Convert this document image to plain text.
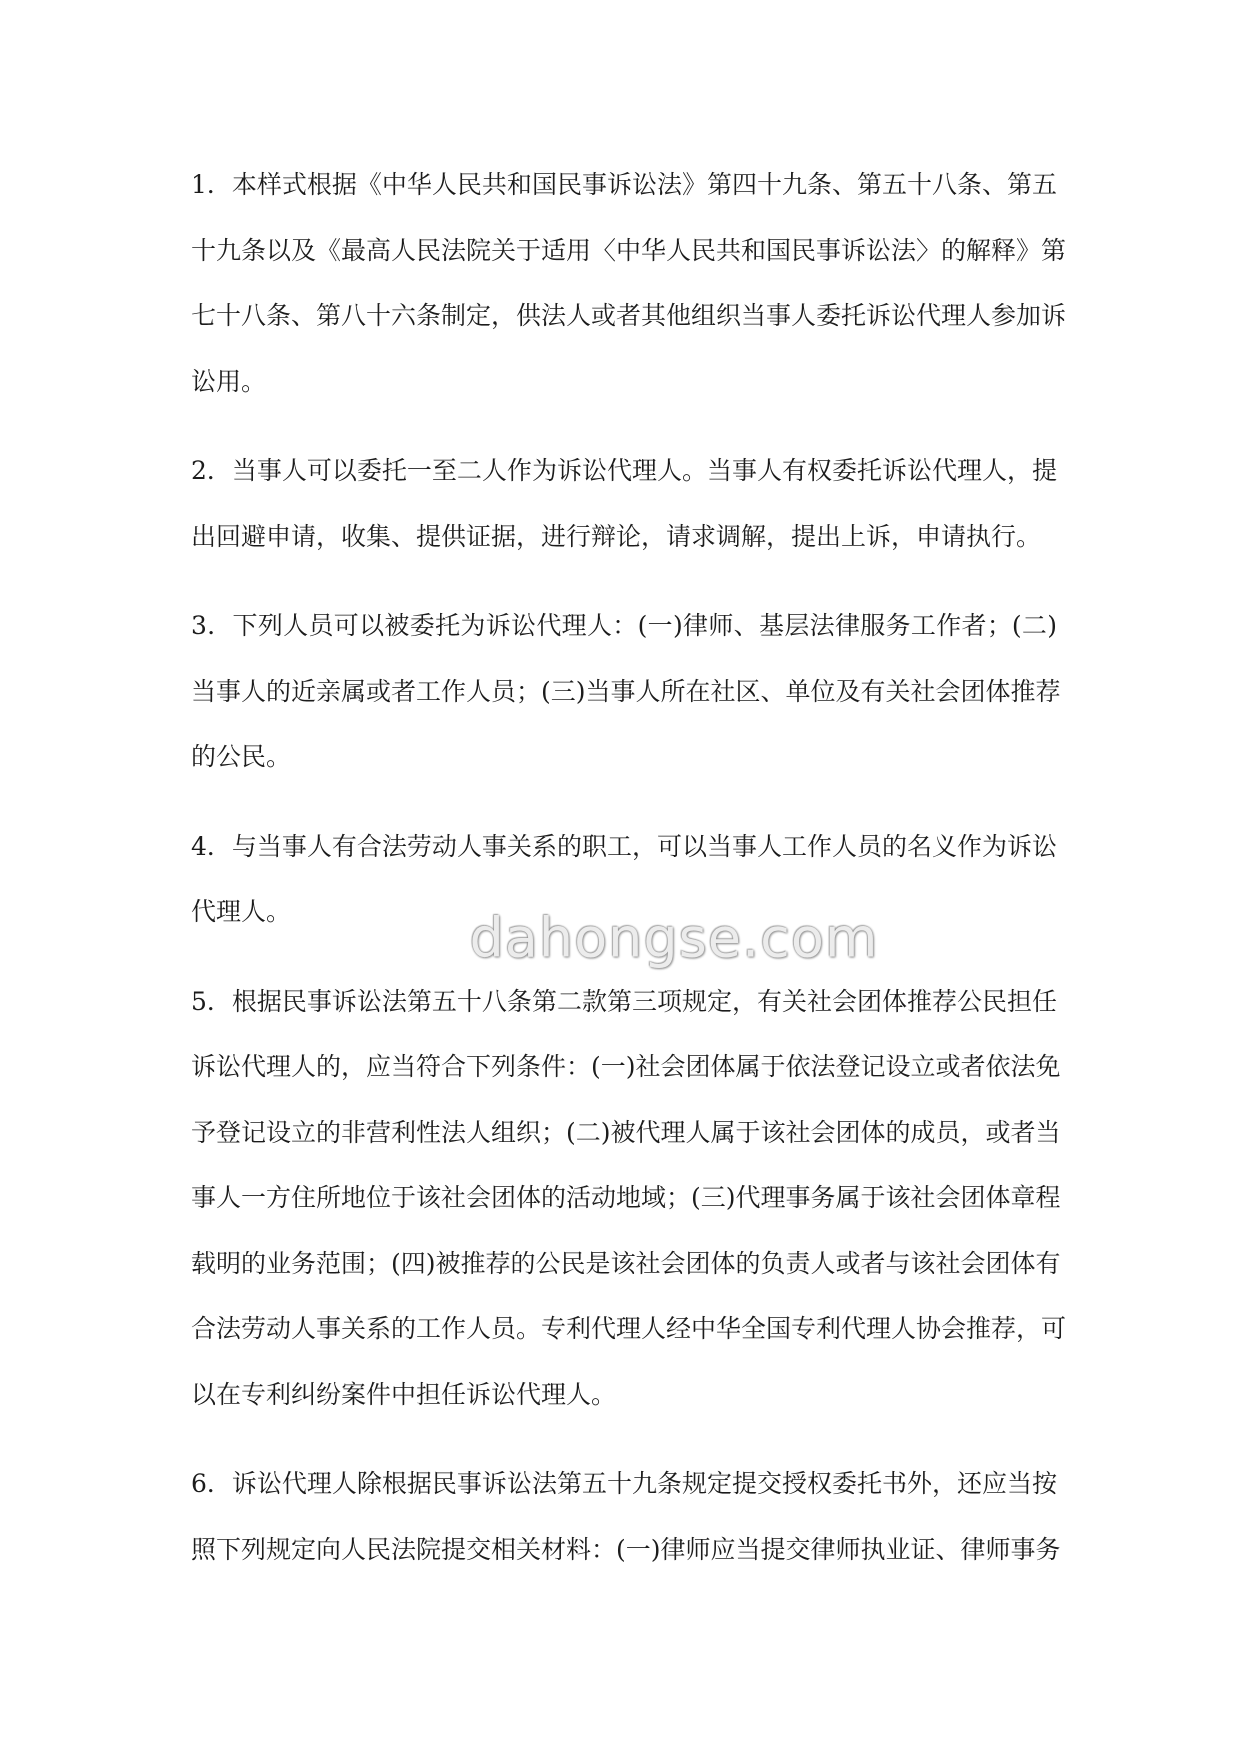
1．本样式根据《中华人民共和国民事诉讼法》第四十九条、第五十八条、第五
十九条以及《最高人民法院关于适用〈中华人民共和国民事诉讼法〉的解释》第
七十八条、第八十六条制定，供法人或者其他组织当事人委托诉讼代理人参加诉
讼用。
2．当事人可以委托一至二人作为诉讼代理人。当事人有权委托诉讼代理人，提
出回避申请，收集、提供证据，进行辩论，请求调解，提出上诉，申请执行。
3．下列人员可以被委托为诉讼代理人：(一)律师、基层法律服务工作者；(二)
当事人的近亲属或者工作人员；(三)当事人所在社区、单位及有关社会团体推荐
的公民。
4．与当事人有合法劳动人事关系的职工，可以当事人工作人员的名义作为诉讼
代理人。
5．根据民事诉讼法第五十八条第二款第三项规定，有关社会团体推荐公民担任
诉讼代理人的，应当符合下列条件：(一)社会团体属于依法登记设立或者依法免
予登记设立的非营利性法人组织；(二)被代理人属于该社会团体的成员，或者当
事人一方住所地位于该社会团体的活动地域；(三)代理事务属于该社会团体章程
载明的业务范围；(四)被推荐的公民是该社会团体的负责人或者与该社会团体有
合法劳动人事关系的工作人员。专利代理人经中华全国专利代理人协会推荐，可
以在专利纠纷案件中担任诉讼代理人。
6．诉讼代理人除根据民事诉讼法第五十九条规定提交授权委托书外，还应当按
照下列规定向人民法院提交相关材料：(一)律师应当提交律师执业证、律师事务
dahongse.com
